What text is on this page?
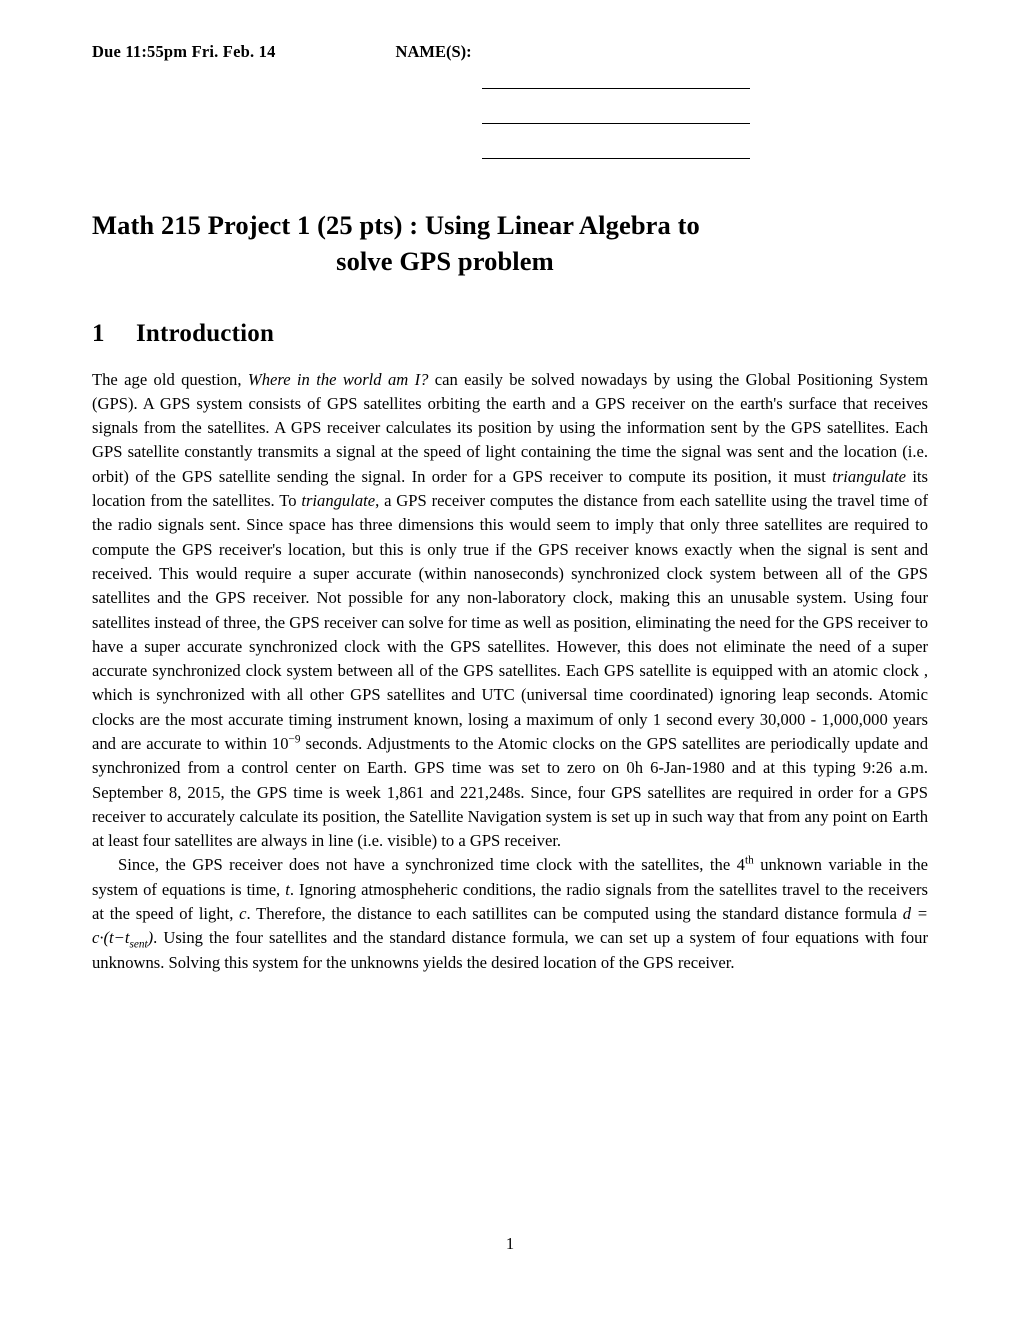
Due 11:55pm Fri. Feb. 14	NAME(S):
Math 215 Project 1 (25 pts) : Using Linear Algebra to
solve GPS problem
1 Introduction

The age old question, Where in the world am I? can easily be solved nowadays by using the Global Positioning System (GPS). A GPS system consists of GPS satellites orbiting the earth and a GPS receiver on the earth's surface that receives signals from the satellites. A GPS receiver calculates its position by using the information sent by the GPS satellites. Each GPS satellite constantly transmits a signal at the speed of light containing the time the signal was sent and the location (i.e. orbit) of the GPS satellite sending the signal. In order for a GPS receiver to compute its position, it must triangulate its location from the satellites. To triangulate, a GPS receiver computes the distance from each satellite using the travel time of the radio signals sent. Since space has three dimensions this would seem to imply that only three satellites are required to compute the GPS receiver's location, but this is only true if the GPS receiver knows exactly when the signal is sent and received. This would require a super accurate (within nanoseconds) synchronized clock system between all of the GPS satellites and the GPS receiver. Not possible for any non-laboratory clock, making this an unusable system. Using four satellites instead of three, the GPS receiver can solve for time as well as position, eliminating the need for the GPS receiver to have a super accurate synchronized clock with the GPS satellites. However, this does not eliminate the need of a super accurate synchronized clock system between all of the GPS satellites. Each GPS satellite is equipped with an atomic clock , which is synchronized with all other GPS satellites and UTC (universal time coordinated) ignoring leap seconds. Atomic clocks are the most accurate timing instrument known, losing a maximum of only 1 second every 30,000 - 1,000,000 years and are accurate to within $10^{-9}$ seconds. Adjustments to the Atomic clocks on the GPS satellites are periodically update and synchronized from a control center on Earth. GPS time was set to zero on 0h 6-Jan-1980 and at this typing 9:26 a.m. September 8, 2015, the GPS time is week 1,861 and 221,248s. Since, four GPS satellites are required in order for a GPS receiver to accurately calculate its position, the Satellite Navigation system is set up in such way that from any point on Earth at least four satellites are always in line (i.e. visible) to a GPS receiver.

Since, the GPS receiver does not have a synchronized time clock with the satellites, the 4th unknown variable in the system of equations is time, t. Ignoring atmospheheric conditions, the radio signals from the satellites travel to the receivers at the speed of light, c. Therefore, the distance to each satillites can be computed using the standard distance formula $d = c\cdot(t-t_{sent})$. Using the four satellites and the standard distance formula, we can set up a system of four equations with four unknowns. Solving this system for the unknowns yields the desired location of the GPS receiver.

1
